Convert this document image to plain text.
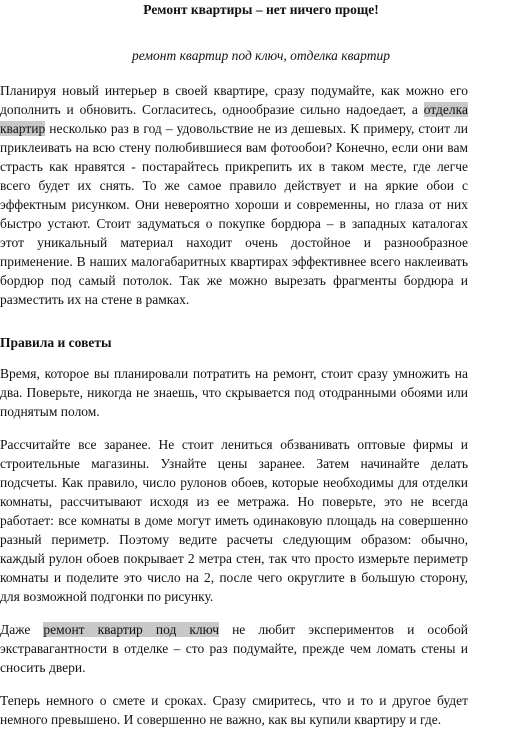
Ремонт квартиры – нет ничего проще!
ремонт квартир под ключ, отделка квартир

Планируя новый интерьер в своей квартире, сразу подумайте, как можно его дополнить и обновить. Согласитесь, однообразие сильно надоедает, а отделка квартир несколько раз в год – удовольствие не из дешевых. К примеру, стоит ли приклеивать на всю стену полюбившиеся вам фотообои? Конечно, если они вам страсть как нравятся - постарайтесь прикрепить их в таком месте, где легче всего будет их снять. То же самое правило действует и на яркие обои с эффектным рисунком. Они невероятно хороши и современны, но глаза от них быстро устают. Стоит задуматься о покупке бордюра – в западных каталогах этот уникальный материал находит очень достойное и разнообразное применение. В наших малогабаритных квартирах эффективнее всего наклеивать бордюр под самый потолок. Так же можно вырезать фрагменты бордюра и разместить их на стене в рамках.

Правила и советы

Время, которое вы планировали потратить на ремонт, стоит сразу умножить на два. Поверьте, никогда не знаешь, что скрывается под отодранными обоями или поднятым полом.

Рассчитайте все заранее. Не стоит лениться обзванивать оптовые фирмы и строительные магазины. Узнайте цены заранее. Затем начинайте делать подсчеты. Как правило, число рулонов обоев, которые необходимы для отделки комнаты, рассчитывают исходя из ее метража. Но поверьте, это не всегда работает: все комнаты в доме могут иметь одинаковую площадь на совершенно разный периметр. Поэтому ведите расчеты следующим образом: обычно, каждый рулон обоев покрывает 2 метра стен, так что просто измерьте периметр комнаты и поделите это число на 2, после чего округлите в большую сторону, для возможной подгонки по рисунку.

Даже ремонт квартир под ключ не любит экспериментов и особой экстравагантности в отделке – сто раз подумайте, прежде чем ломать стены и сносить двери.

Теперь немного о смете и сроках. Сразу смиритесь, что и то и другое будет немного превышено. И совершенно не важно, как вы купили квартиру и где.
